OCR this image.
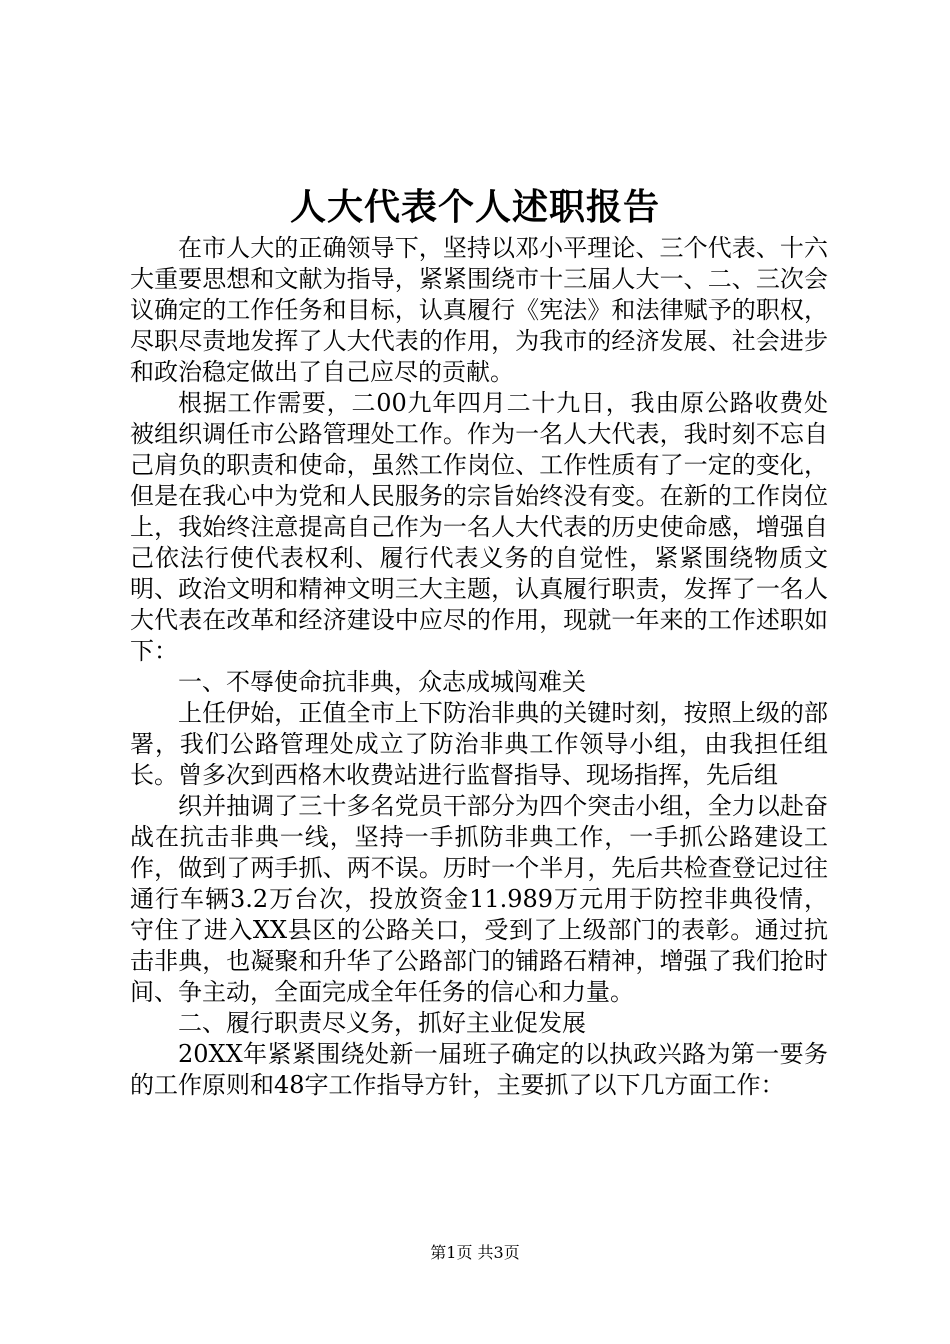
人大代表个人述职报告

在市人大的正确领导下，坚持以邓小平理论、三个代表、十六大重要思想和文献为指导，紧紧围绕市十三届人大一、二、三次会议确定的工作任务和目标，认真履行《宪法》和法律赋予的职权，尽职尽责地发挥了人大代表的作用，为我市的经济发展、社会进步和政治稳定做出了自己应尽的贡献。

根据工作需要，二00九年四月二十九日，我由原公路收费处被组织调任市公路管理处工作。作为一名人大代表，我时刻不忘自己肩负的职责和使命，虽然工作岗位、工作性质有了一定的变化，但是在我心中为党和人民服务的宗旨始终没有变。在新的工作岗位上，我始终注意提高自己作为一名人大代表的历史使命感，增强自己依法行使代表权利、履行代表义务的自觉性，紧紧围绕物质文明、政治文明和精神文明三大主题，认真履行职责，发挥了一名人大代表在改革和经济建设中应尽的作用，现就一年来的工作述职如下：

一、不辱使命抗非典，众志成城闯难关

上任伊始，正值全市上下防治非典的关键时刻，按照上级的部署，我们公路管理处成立了防治非典工作领导小组，由我担任组长。曾多次到西格木收费站进行监督指导、现场指挥，先后组

织并抽调了三十多名党员干部分为四个突击小组，全力以赴奋战在抗击非典一线，坚持一手抓防非典工作，一手抓公路建设工作，做到了两手抓、两不误。历时一个半月，先后共检查登记过往通行车辆3.2万台次，投放资金11.989万元用于防控非典役情，守住了进入XX县区的公路关口，受到了上级部门的表彰。通过抗击非典，也凝聚和升华了公路部门的铺路石精神，增强了我们抢时间、争主动，全面完成全年任务的信心和力量。

二、履行职责尽义务，抓好主业促发展

20XX年紧紧围绕处新一届班子确定的以执政兴路为第一要务的工作原则和48字工作指导方针，主要抓了以下几方面工作：

第1页 共3页
